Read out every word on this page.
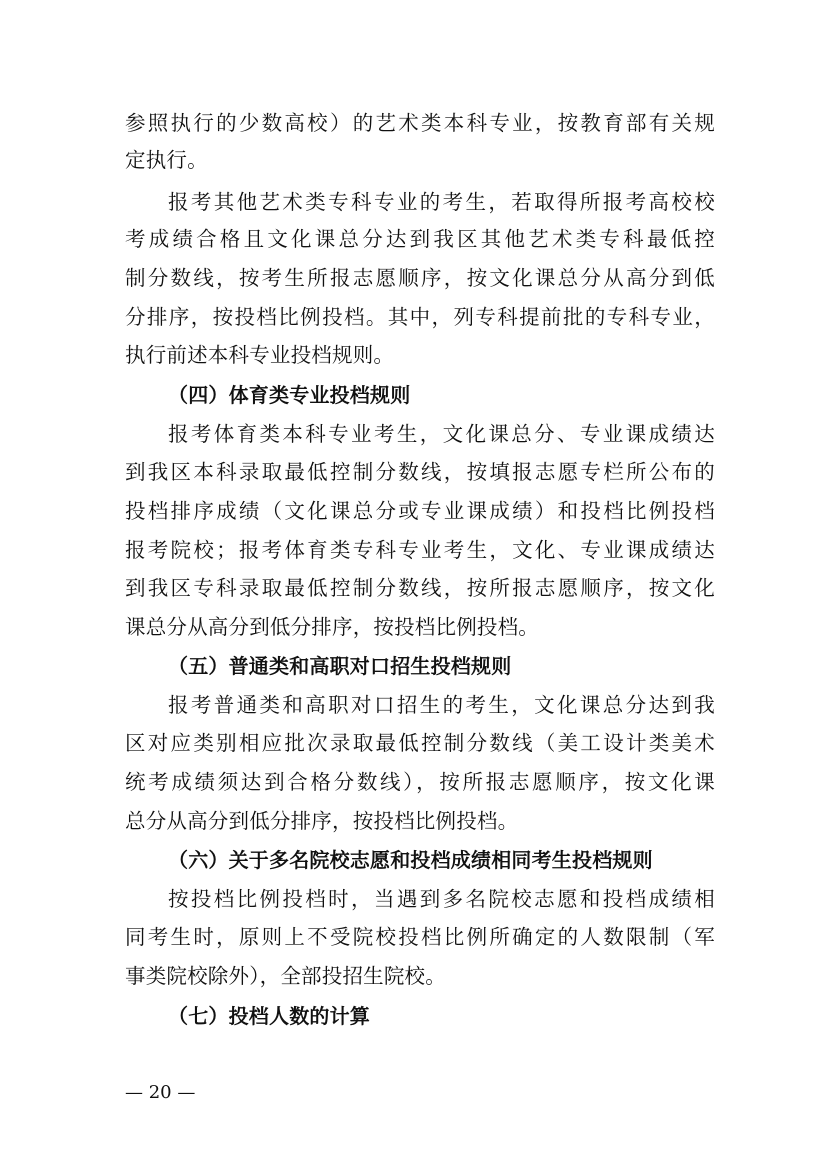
参照执行的少数高校）的艺术类本科专业，按教育部有关规
定执行。
报考其他艺术类专科专业的考生，若取得所报考高校校
考成绩合格且文化课总分达到我区其他艺术类专科最低控
制分数线，按考生所报志愿顺序，按文化课总分从高分到低
分排序，按投档比例投档。其中，列专科提前批的专科专业，
执行前述本科专业投档规则。
（四）体育类专业投档规则
报考体育类本科专业考生，文化课总分、专业课成绩达
到我区本科录取最低控制分数线，按填报志愿专栏所公布的
投档排序成绩（文化课总分或专业课成绩）和投档比例投档
报考院校；报考体育类专科专业考生，文化、专业课成绩达
到我区专科录取最低控制分数线，按所报志愿顺序，按文化
课总分从高分到低分排序，按投档比例投档。
（五）普通类和高职对口招生投档规则
报考普通类和高职对口招生的考生，文化课总分达到我
区对应类别相应批次录取最低控制分数线（美工设计类美术
统考成绩须达到合格分数线），按所报志愿顺序，按文化课
总分从高分到低分排序，按投档比例投档。
（六）关于多名院校志愿和投档成绩相同考生投档规则
按投档比例投档时，当遇到多名院校志愿和投档成绩相
同考生时，原则上不受院校投档比例所确定的人数限制（军
事类院校除外），全部投招生院校。
（七）投档人数的计算
— 20 —
